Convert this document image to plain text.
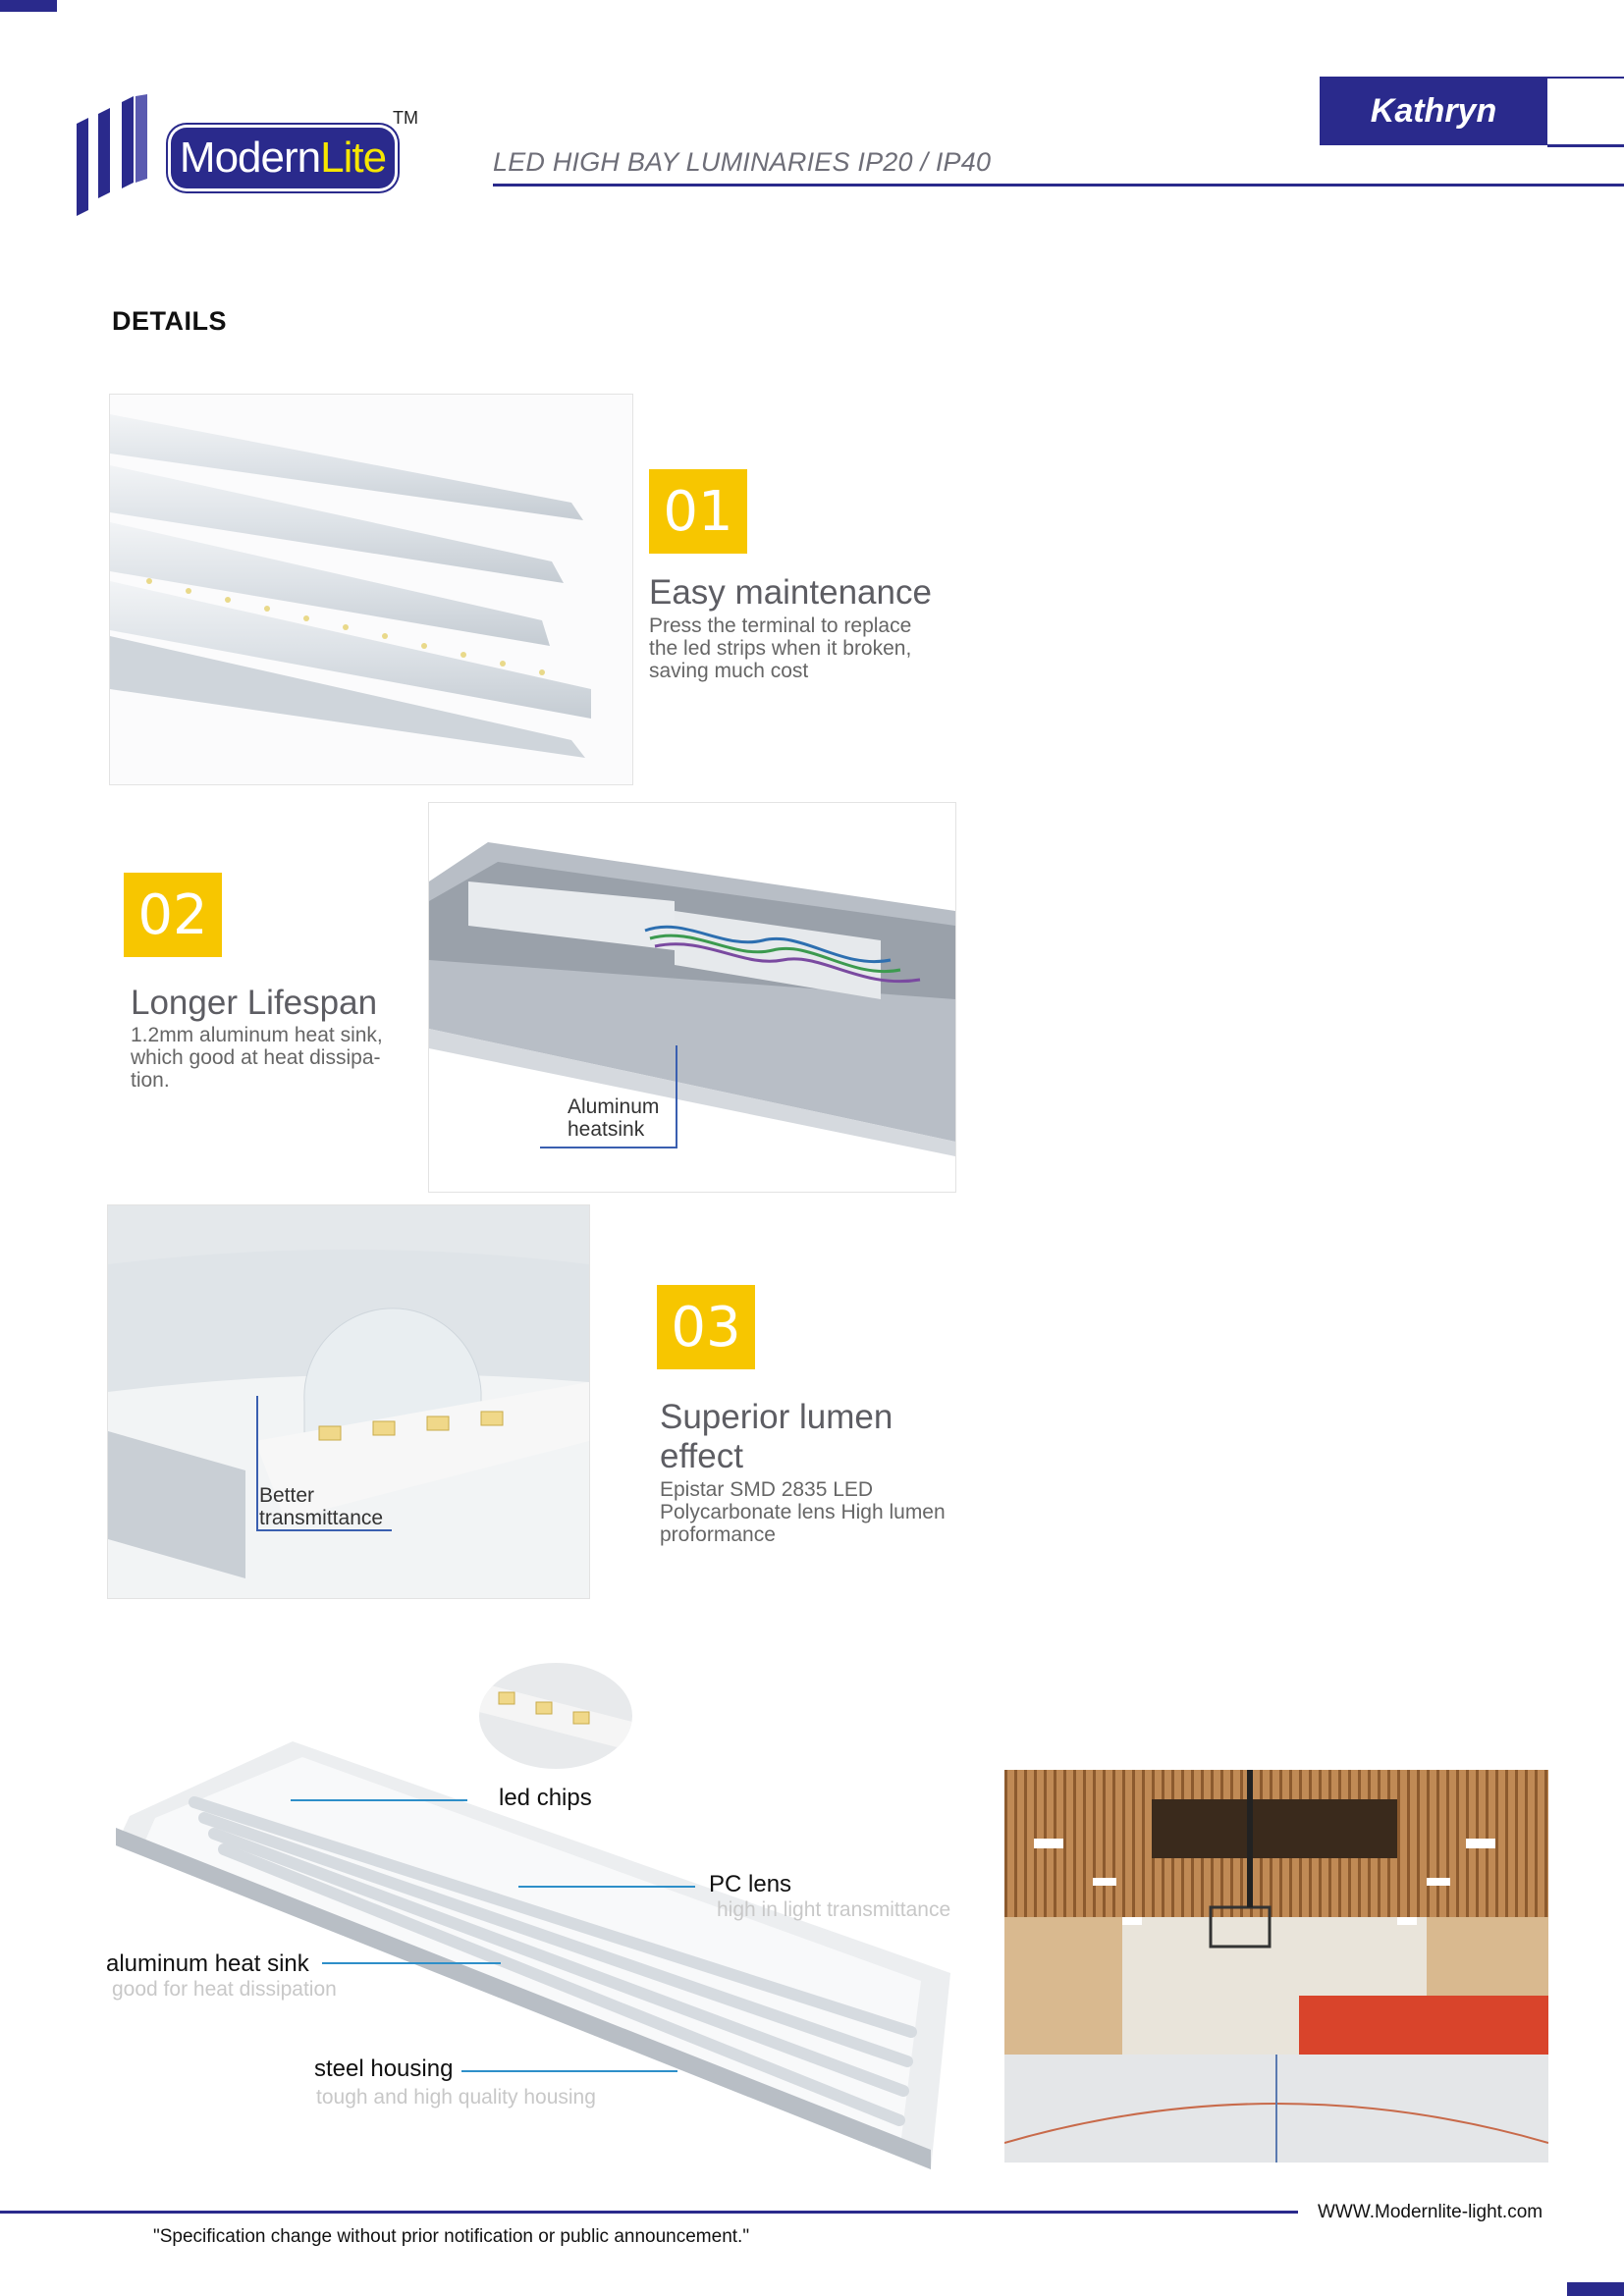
Modern Lite
TM
LED HIGH BAY LUMINARIES IP20 / IP40
Kathryn
DETAILS
01
Easy maintenance
Press the terminal to replace
the led strips when it broken,
saving much cost
02
Longer Lifespan
1.2mm aluminum heat sink,
which good at heat dissipa-
tion.
Aluminum
heatsink
Better
transmittance
03
Superior lumen
effect
Epistar SMD 2835 LED
Polycarbonate lens High lumen
proformance
led chips
PC lens
high in light transmittance
aluminum heat sink
good for heat dissipation
steel housing
tough and high quality housing
WWW.Modernlite-light.com
"Specification change without prior notification or public announcement."
